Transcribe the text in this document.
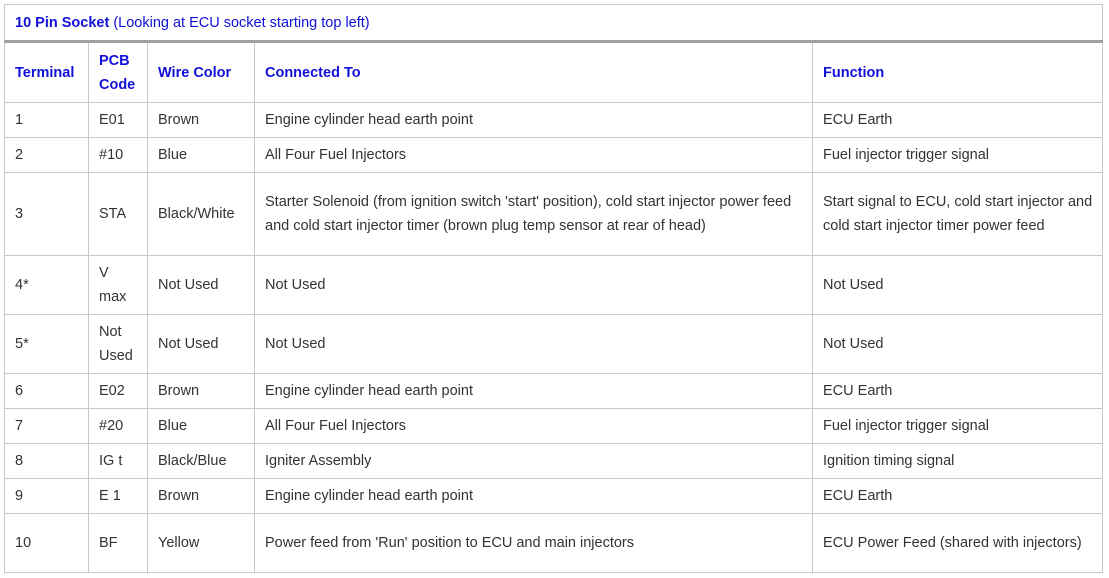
10 Pin Socket (Looking at ECU socket starting top left)				
Terminal	PCB Code	Wire Color	Connected To	Function
1	E01	Brown	Engine cylinder head earth point	ECU Earth
2	#10	Blue	All Four Fuel Injectors	Fuel injector trigger signal
3	STA	Black/White	Starter Solenoid (from ignition switch 'start' position), cold start injector power feed and cold start injector timer (brown plug temp sensor at rear of head)	Start signal to ECU, cold start injector and cold start injector timer power feed
4*	V max	Not Used	Not Used	Not Used
5*	Not Used	Not Used	Not Used	Not Used
6	E02	Brown	Engine cylinder head earth point	ECU Earth
7	#20	Blue	All Four Fuel Injectors	Fuel injector trigger signal
8	IG t	Black/Blue	Igniter Assembly	Ignition timing signal
9	E 1	Brown	Engine cylinder head earth point	ECU Earth
10	BF	Yellow	Power feed from 'Run' position to ECU and main injectors	ECU Power Feed (shared with injectors)
